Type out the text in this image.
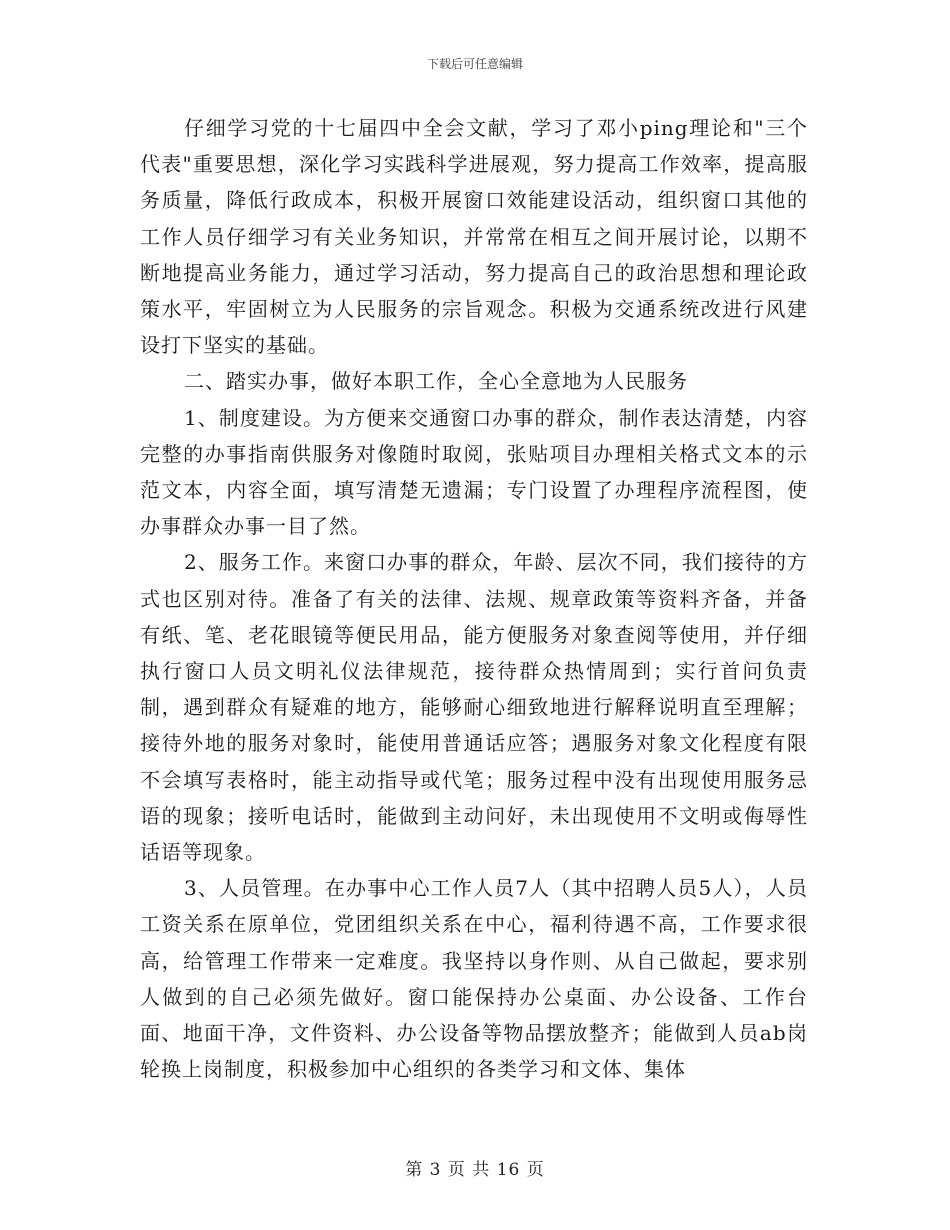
下载后可任意编辑

仔细学习党的十七届四中全会文献，学习了邓小ping理论和"三个代表"重要思想，深化学习实践科学进展观，努力提高工作效率，提高服务质量，降低行政成本，积极开展窗口效能建设活动，组织窗口其他的工作人员仔细学习有关业务知识，并常常在相互之间开展讨论，以期不断地提高业务能力，通过学习活动，努力提高自己的政治思想和理论政策水平，牢固树立为人民服务的宗旨观念。积极为交通系统改进行风建设打下坚实的基础。

二、踏实办事，做好本职工作，全心全意地为人民服务

1、制度建设。为方便来交通窗口办事的群众，制作表达清楚，内容完整的办事指南供服务对像随时取阅，张贴项目办理相关格式文本的示范文本，内容全面，填写清楚无遗漏；专门设置了办理程序流程图，使办事群众办事一目了然。

2、服务工作。来窗口办事的群众，年龄、层次不同，我们接待的方式也区别对待。准备了有关的法律、法规、规章政策等资料齐备，并备有纸、笔、老花眼镜等便民用品，能方便服务对象查阅等使用，并仔细执行窗口人员文明礼仪法律规范，接待群众热情周到；实行首问负责制，遇到群众有疑难的地方，能够耐心细致地进行解释说明直至理解；接待外地的服务对象时，能使用普通话应答；遇服务对象文化程度有限不会填写表格时，能主动指导或代笔；服务过程中没有出现使用服务忌语的现象；接听电话时，能做到主动问好，未出现使用不文明或侮辱性话语等现象。

3、人员管理。在办事中心工作人员7人（其中招聘人员5人），人员工资关系在原单位，党团组织关系在中心，福利待遇不高，工作要求很高，给管理工作带来一定难度。我坚持以身作则、从自己做起，要求别人做到的自己必须先做好。窗口能保持办公桌面、办公设备、工作台面、地面干净，文件资料、办公设备等物品摆放整齐；能做到人员ab岗轮换上岗制度，积极参加中心组织的各类学习和文体、集体

第 3 页 共 16 页
